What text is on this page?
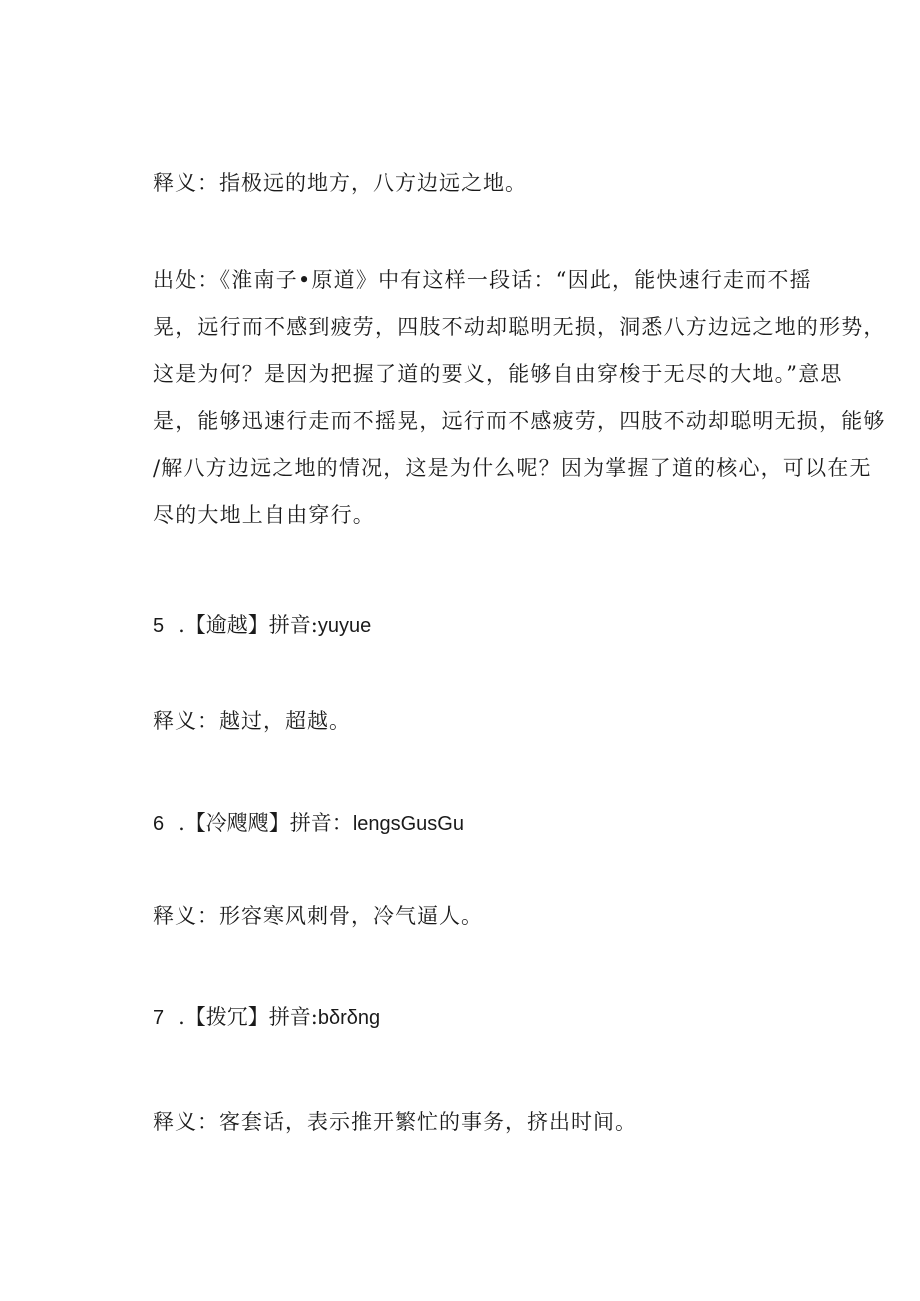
释义：指极远的地方，八方边远之地。
出处：《淮南子•原道》中有这样一段话：“因此，能快速行走而不摇
晃，远行而不感到疲劳，四肢不动却聪明无损，洞悉八方边远之地的形势，
这是为何？是因为把握了道的要义，能够自由穿梭于无尽的大地。”意思
是，能够迅速行走而不摇晃，远行而不感疲劳，四肢不动却聪明无损，能够
/解八方边远之地的情况，这是为什么呢？因为掌握了道的核心，可以在无
尽的大地上自由穿行。
5 .【逾越】拼音:yuyue
释义：越过，超越。
6 .【冷飕飕】拼音：lengsGusGu
释义：形容寒风刺骨，冷气逼人。
7 .【拨冗】拼音:bδrδng
释义：客套话，表示推开繁忙的事务，挤出时间。
